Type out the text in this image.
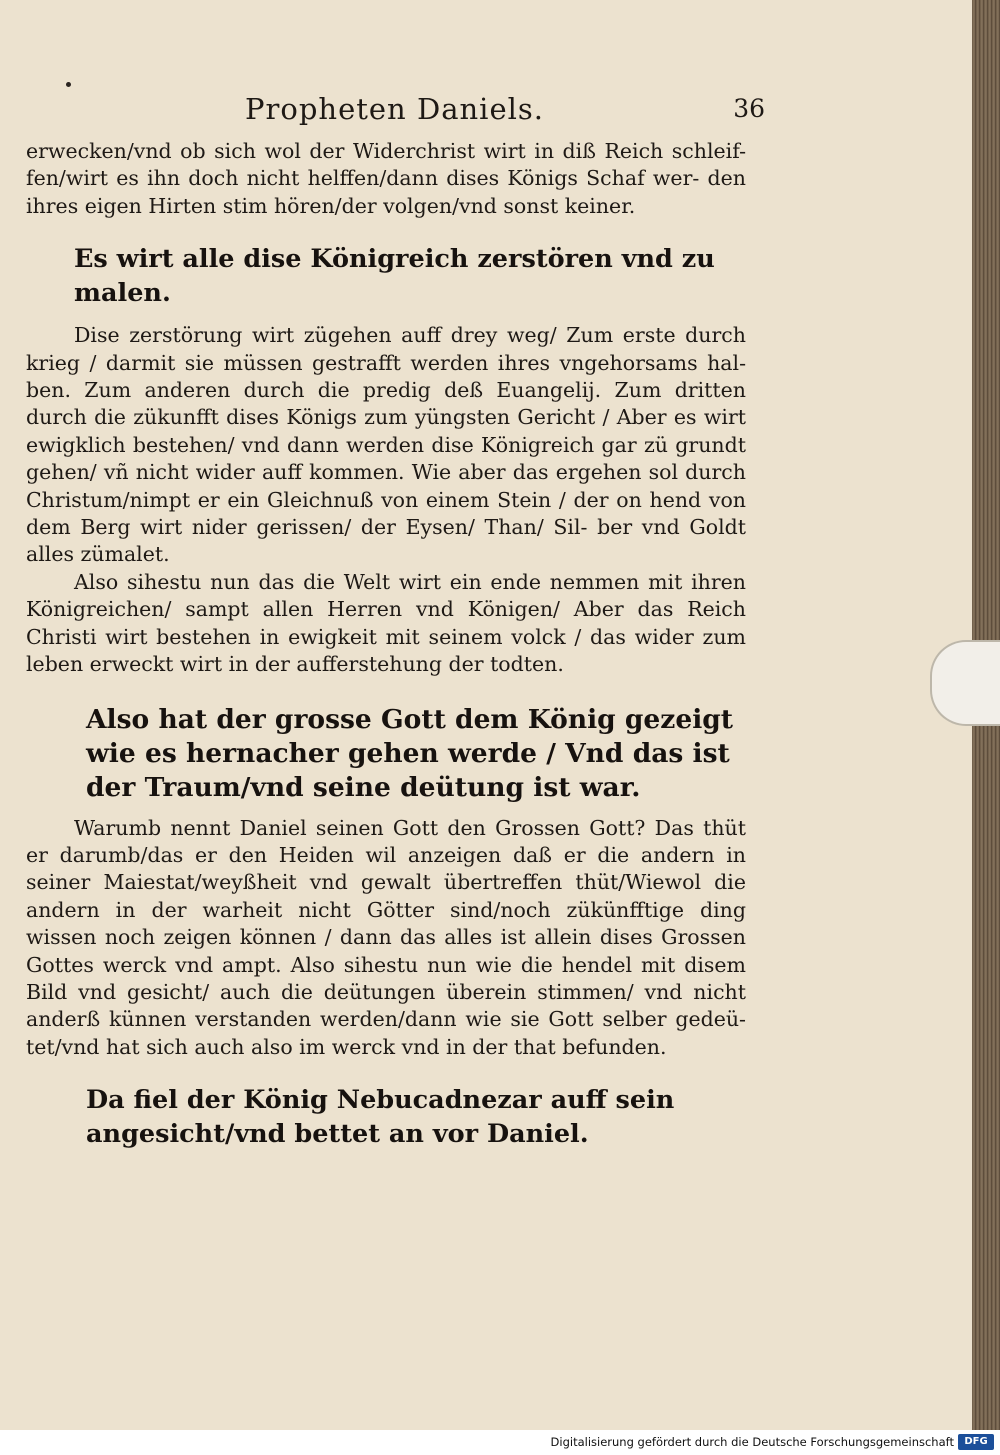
Propheten Daniels.	36

erwecken/vnd ob sich wol der Widerchrist wirt in diß Reich schleif- fen/wirt es ihn doch nicht helffen/dann dises Königs Schaf wer- den ihres eigen Hirten stim hören/der volgen/vnd sonst keiner.

Es wirt alle dise Königreich zerstören vnd zu malen.

Dise zerstörung wirt zügehen auff drey weg/ Zum erste durch krieg / darmit sie müssen gestrafft werden ihres vngehorsams hal- ben. Zum anderen durch die predig deß Euangelij. Zum dritten durch die zükunfft dises Königs zum yüngsten Gericht / Aber es wirt ewigklich bestehen/ vnd dann werden dise Königreich gar zü grundt gehen/ vñ nicht wider auff kommen. Wie aber das ergehen sol durch Christum/nimpt er ein Gleichnuß von einem Stein / der on hend von dem Berg wirt nider gerissen/ der Eysen/ Than/ Sil- ber vnd Goldt alles zümalet.

Also sihestu nun das die Welt wirt ein ende nemmen mit ihren Königreichen/ sampt allen Herren vnd Königen/ Aber das Reich Christi wirt bestehen in ewigkeit mit seinem volck / das wider zum leben erweckt wirt in der aufferstehung der todten.

Also hat der grosse Gott dem König gezeigt wie es hernacher gehen werde / Vnd das ist der Traum/vnd seine deütung ist war.

Warumb nennt Daniel seinen Gott den Grossen Gott? Das thüt er darumb/das er den Heiden wil anzeigen daß er die andern in seiner Maiestat/weyßheit vnd gewalt übertreffen thüt/Wiewol die andern in der warheit nicht Götter sind/noch zükünfftige ding wissen noch zeigen können / dann das alles ist allein dises Grossen Gottes werck vnd ampt. Also sihestu nun wie die hendel mit disem Bild vnd gesicht/ auch die deütungen überein stimmen/ vnd nicht anderß künnen verstanden werden/dann wie sie Gott selber gedeü- tet/vnd hat sich auch also im werck vnd in der that befunden.

Da fiel der König Nebucadnezar auff sein angesicht/vnd bettet an vor Daniel.

Digitalisierung gefördert durch die Deutsche Forschungsgemeinschaft	DFG
